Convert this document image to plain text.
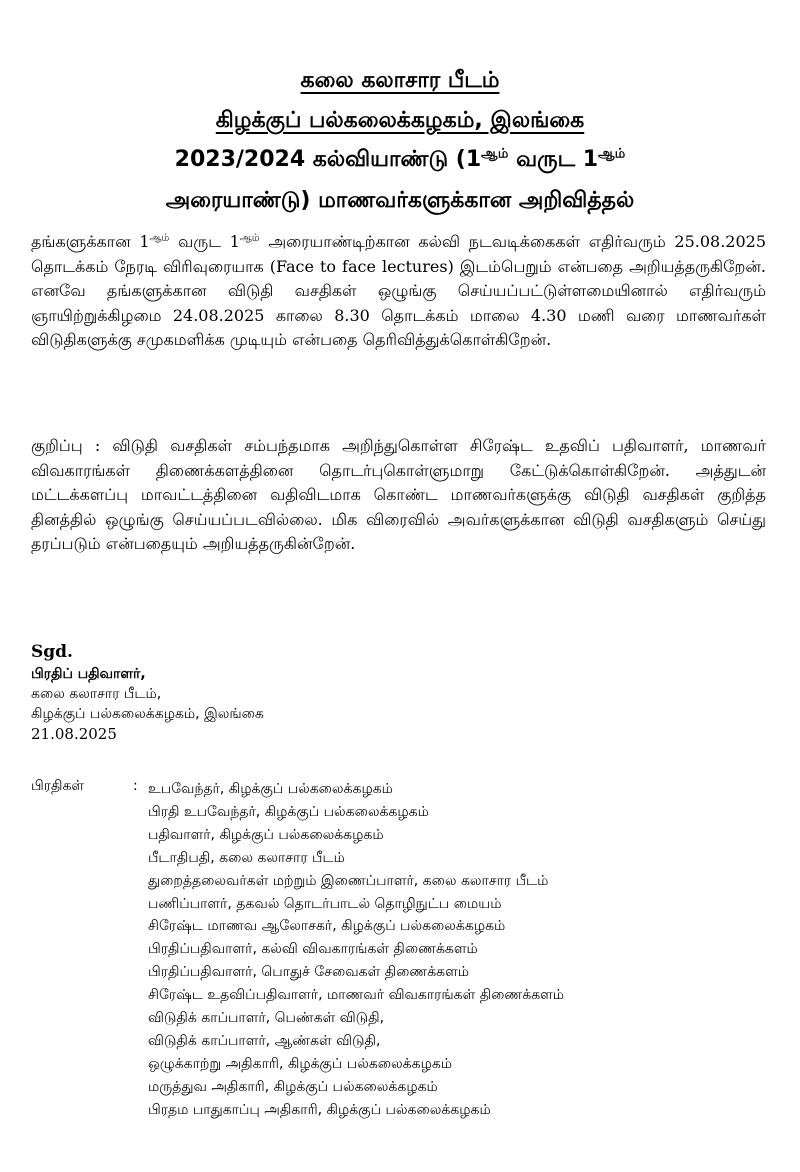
கலை கலாசார பீடம்

கிழக்குப் பல்கலைக்கழகம், இலங்கை

2023/2024 கல்வியாண்டு ($1^{ஆம்}$ வருட $1^{ஆம்}$

அரையாண்டு) மாணவர்களுக்கான அறிவித்தல்

தங்களுக்கான $1^{ஆம்}$ வருட $1^{ஆம்}$ அரையாண்டிற்கான கல்வி நடவடிக்கைகள் எதிர்வரும் 25.08.2025 தொடக்கம் நேரடி விரிவுரையாக (Face to face lectures) இடம்பெறும் என்பதை அறியத்தருகிறேன். எனவே தங்களுக்கான விடுதி வசதிகள் ஒழுங்கு செய்யப்பட்டுள்ளமையினால் எதிர்வரும் ஞாயிற்றுக்கிழமை 24.08.2025 காலை 8.30 தொடக்கம் மாலை 4.30 மணி வரை மாணவர்கள் விடுதிகளுக்கு சமுகமளிக்க முடியும் என்பதை தெரிவித்துக்கொள்கிறேன்.
குறிப்பு : விடுதி வசதிகள் சம்பந்தமாக அறிந்துகொள்ள சிரேஷ்ட உதவிப் பதிவாளர், மாணவர் விவகாரங்கள் திணைக்களத்தினை தொடர்புகொள்ளுமாறு கேட்டுக்கொள்கிறேன். அத்துடன் மட்டக்களப்பு மாவட்டத்தினை வதிவிடமாக கொண்ட மாணவர்களுக்கு விடுதி வசதிகள் குறித்த தினத்தில் ஒழுங்கு செய்யப்படவில்லை. மிக விரைவில் அவர்களுக்கான விடுதி வசதிகளும் செய்து தரப்படும் என்பதையும் அறியத்தருகின்றேன்.
Sgd.
பிரதிப் பதிவாளர்,
கலை கலாசார பீடம்,
கிழக்குப் பல்கலைக்கழகம், இலங்கை
21.08.2025
பிரதிகள்	: உபவேந்தர், கிழக்குப் பல்கலைக்கழகம்
பிரதி உபவேந்தர், கிழக்குப் பல்கலைக்கழகம்
பதிவாளர், கிழக்குப் பல்கலைக்கழகம்
பீடாதிபதி, கலை கலாசார பீடம்
துறைத்தலைவர்கள் மற்றும் இணைப்பாளர், கலை கலாசார பீடம்
பணிப்பாளர், தகவல் தொடர்பாடல் தொழிநுட்ப மையம்
சிரேஷ்ட மாணவ ஆலோசகர், கிழக்குப் பல்கலைக்கழகம்
பிரதிப்பதிவாளர், கல்வி விவகாரங்கள் திணைக்களம்
பிரதிப்பதிவாளர், பொதுச் சேவைகள் திணைக்களம்
சிரேஷ்ட உதவிப்பதிவாளர், மாணவர் விவகாரங்கள் திணைக்களம்
விடுதிக் காப்பாளர், பெண்கள் விடுதி,
விடுதிக் காப்பாளர், ஆண்கள் விடுதி,
ஒழுக்காற்று அதிகாரி, கிழக்குப் பல்கலைக்கழகம்
மருத்துவ அதிகாரி, கிழக்குப் பல்கலைக்கழகம்
பிரதம பாதுகாப்பு அதிகாரி, கிழக்குப் பல்கலைக்கழகம்
